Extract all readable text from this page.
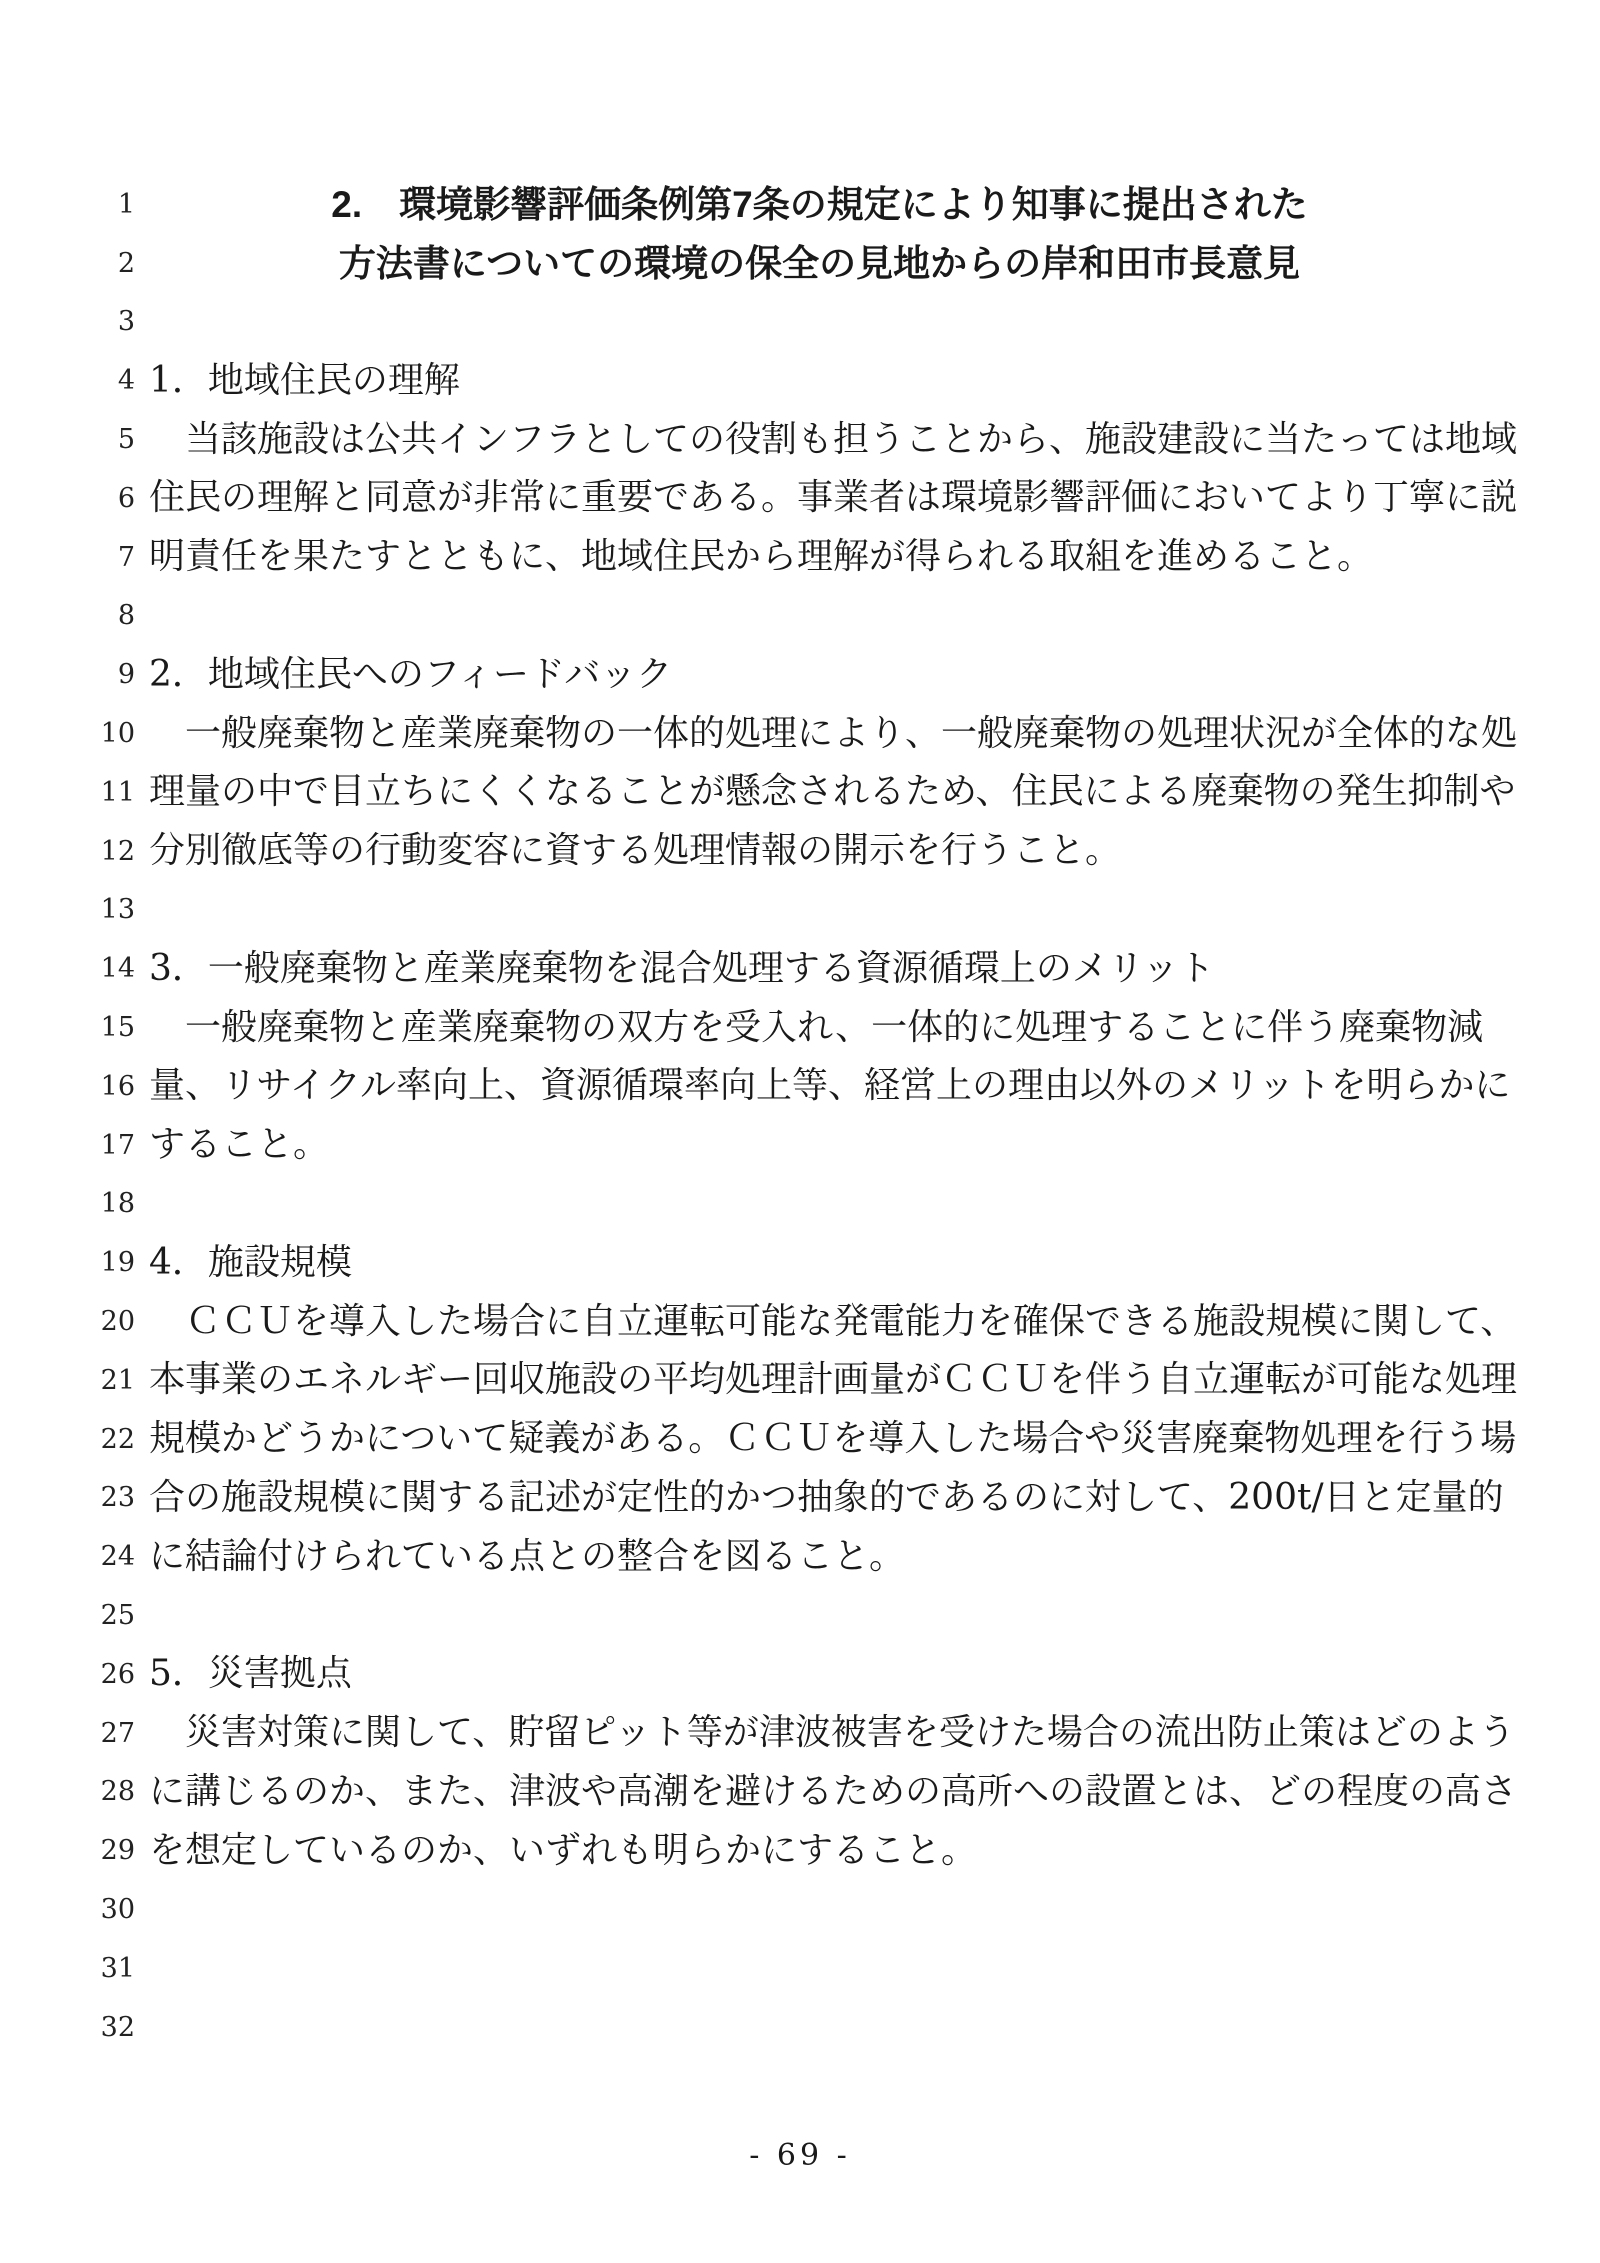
1	2.　環境影響評価条例第7条の規定により知事に提出された
2	方法書についての環境の保全の見地からの岸和田市長意見
3
4 1．地域住民の理解
5 　当該施設は公共インフラとしての役割も担うことから、施設建設に当たっては地域
6 住民の理解と同意が非常に重要である。事業者は環境影響評価においてより丁寧に説
7 明責任を果たすとともに、地域住民から理解が得られる取組を進めること。
8
9 2．地域住民へのフィードバック
10 　一般廃棄物と産業廃棄物の一体的処理により、一般廃棄物の処理状況が全体的な処
11 理量の中で目立ちにくくなることが懸念されるため、住民による廃棄物の発生抑制や
12 分別徹底等の行動変容に資する処理情報の開示を行うこと。
13
14 3．一般廃棄物と産業廃棄物を混合処理する資源循環上のメリット
15 　一般廃棄物と産業廃棄物の双方を受入れ、一体的に処理することに伴う廃棄物減
16 量、リサイクル率向上、資源循環率向上等、経営上の理由以外のメリットを明らかに
17 すること。
18
19 4．施設規模
20 　ＣＣＵを導入した場合に自立運転可能な発電能力を確保できる施設規模に関して、
21 本事業のエネルギー回収施設の平均処理計画量がＣＣＵを伴う自立運転が可能な処理
22 規模かどうかについて疑義がある。ＣＣＵを導入した場合や災害廃棄物処理を行う場
23 合の施設規模に関する記述が定性的かつ抽象的であるのに対して、200t/日と定量的
24 に結論付けられている点との整合を図ること。
25
26 5．災害拠点
27 　災害対策に関して、貯留ピット等が津波被害を受けた場合の流出防止策はどのよう
28 に講じるのか、また、津波や高潮を避けるための高所への設置とは、どの程度の高さ
29 を想定しているのか、いずれも明らかにすること。
30
31
32
- 69 -
